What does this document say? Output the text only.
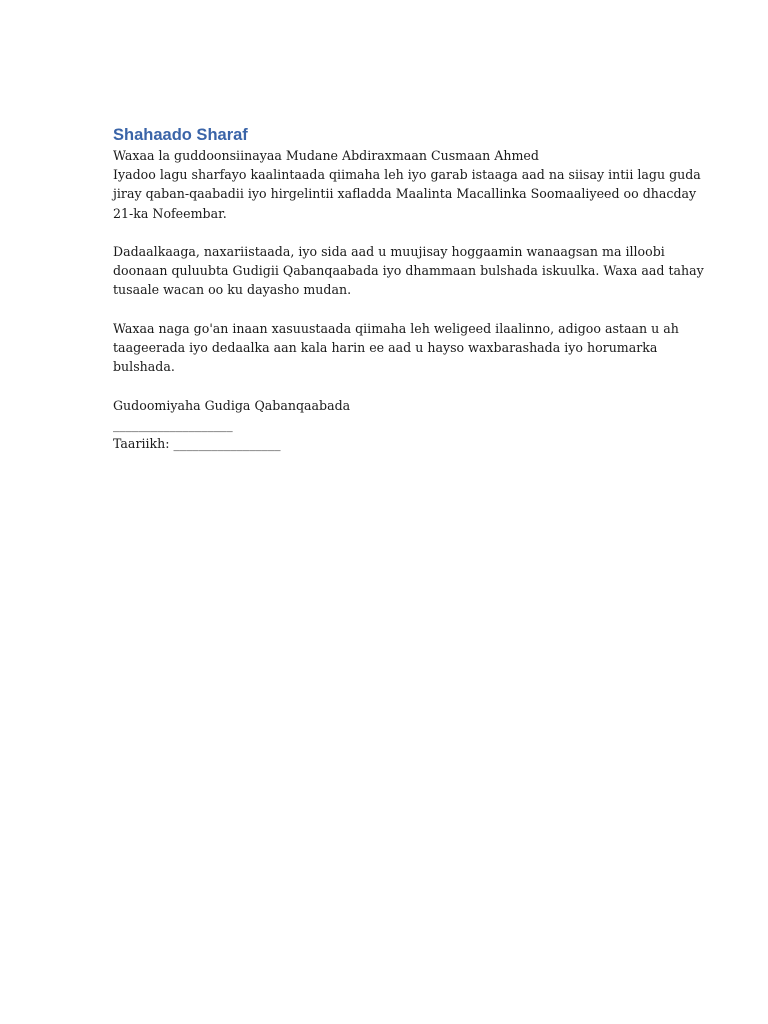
Shahaado Sharaf

Waxaa la guddoonsiinayaa Mudane Abdiraxmaan Cusmaan Ahmed

Iyadoo lagu sharfayo kaalintaada qiimaha leh iyo garab istaaga aad na siisay intii lagu guda

jiray qaban-qaabadii iyo hirgelintii xafladda Maalinta Macallinka Soomaaliyeed oo dhacday

21-ka Nofeembar.

Dadaalkaaga, naxariistaada, iyo sida aad u muujisay hoggaamin wanaagsan ma illoobi

doonaan quluubta Gudigii Qabanqaabada iyo dhammaan bulshada iskuulka. Waxa aad tahay

tusaale wacan oo ku dayasho mudan.

Waxaa naga go'an inaan xasuustaada qiimaha leh weligeed ilaalinno, adigoo astaan u ah

taageerada iyo dedaalka aan kala harin ee aad u hayso waxbarashada iyo horumarka

bulshada.

Gudoomiyaha Gudiga Qabanqaabada

___________________

Taariikh: _________________
